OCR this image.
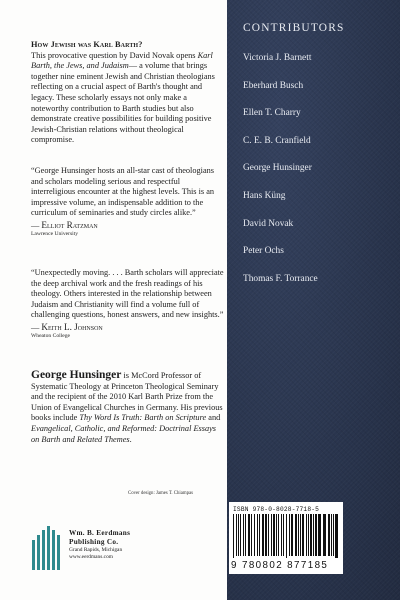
How Jewish was Karl Barth?
This provocative question by David Novak opens Karl Barth, the Jews, and Judaism— a volume that brings together nine eminent Jewish and Christian theologians reflecting on a crucial aspect of Barth's thought and legacy. These scholarly essays not only make a noteworthy contribution to Barth studies but also demonstrate creative possibilities for building positive Jewish-Christian relations without theological compromise.

“George Hunsinger hosts an all-star cast of theologians and scholars modeling serious and respectful interreligious encounter at the highest levels. This is an impressive volume, an indispensable addition to the curriculum of seminaries and study circles alike.”

— Elliot Ratzman

Lawrence University

“Unexpectedly moving. . . . Barth scholars will appreciate the deep archival work and the fresh readings of his theology. Others interested in the relationship between Judaism and Christianity will find a volume full of challenging questions, honest answers, and new insights.”

— Keith L. Johnson

Wheaton College

George Hunsinger is McCord Professor of Systematic Theology at Princeton Theological Seminary and the recipient of the 2010 Karl Barth Prize from the Union of Evangelical Churches in Germany. His previous books include Thy Word Is Truth: Barth on Scripture and Evangelical, Catholic, and Reformed: Doctrinal Essays on Barth and Related Themes.

Cover design: James T. Chiampas
Wm. B. Eerdmans
Publishing Co.
Grand Rapids, Michigan
www.eerdmans.com
CONTRIBUTORS
Victoria J. Barnett
Eberhard Busch
Ellen T. Charry
C. E. B. Cranfield
George Hunsinger
Hans Küng
David Novak
Peter Ochs
Thomas F. Torrance
ISBN 978-0-8028-7718-5
9 780802 877185
